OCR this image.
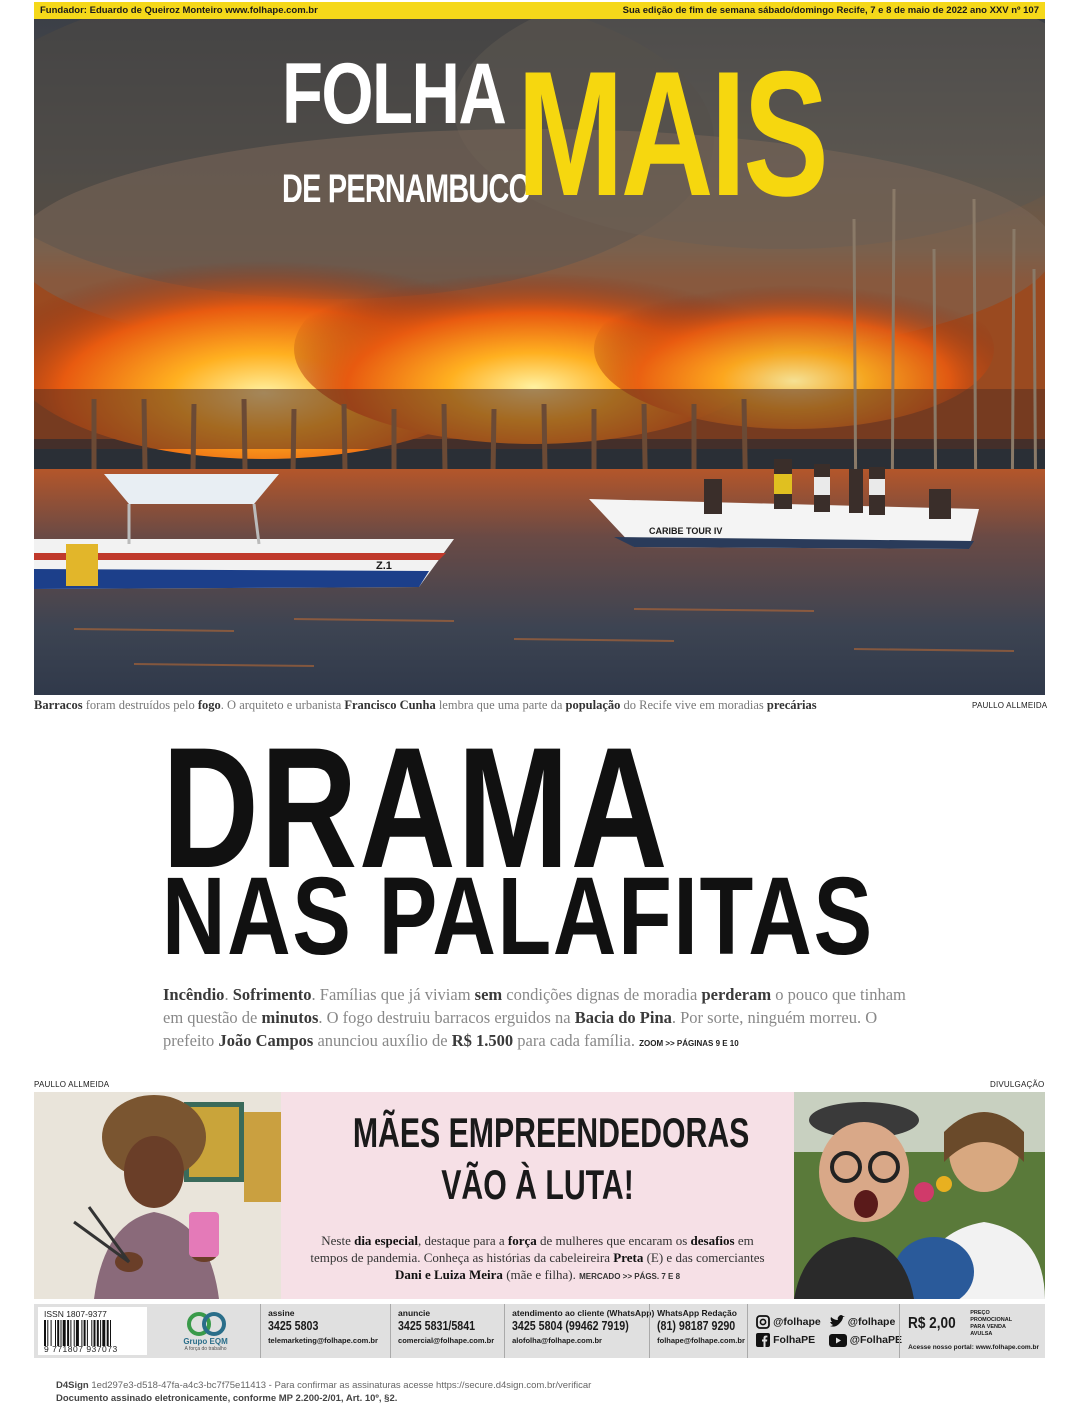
Fundador: Eduardo de Queiroz Monteiro www.folhape.com.br	Sua edição de fim de semana sábado/domingo Recife, 7 e 8 de maio de 2022 ano XXV nº 107
Z.1
CARIBE TOUR IV
FOLHA
DE PERNAMBUCO
MAIS
Barracos foram destruídos pelo fogo. O arquiteto e urbanista Francisco Cunha lembra que uma parte da população do Recife vive em moradias precárias	PAULLO ALLMEIDA
DRAMA
NAS PALAFITAS
Incêndio. Sofrimento. Famílias que já viviam sem condições dignas de moradia perderam o pouco que tinham em questão de minutos. O fogo destruiu barracos erguidos na Bacia do Pina. Por sorte, ninguém morreu. O prefeito João Campos anunciou auxílio de R$ 1.500 para cada família. ZOOM >> PÁGINAS 9 E 10
PAULLO ALLMEIDA	DIVULGAÇÃO
MÃES EMPREENDEDORAS
VÃO À LUTA!
Neste dia especial, destaque para a força de mulheres que encaram os desafios em tempos de pandemia. Conheça as histórias da cabeleireira Preta (E) e das comerciantes Dani e Luiza Meira (mãe e filha). MERCADO >> PÁGS. 7 E 8
ISSN 1807-9377
9 771807 937073
Grupo EQM
A força do trabalho
assine
3425 5803
telemarketing@folhape.com.br
anuncie
3425 5831/5841
comercial@folhape.com.br
atendimento ao cliente (WhatsApp)
3425 5804 (99462 7919)
alofolha@folhape.com.br
WhatsApp Redação
(81) 98187 9290
folhape@folhape.com.br
@folhape	@folhape
FolhaPE	@FolhaPE
R$ 2,00
PREÇO PROMOCIONAL PARA VENDA AVULSA
Acesse nosso portal: www.folhape.com.br
D4Sign 1ed297e3-d518-47fa-a4c3-bc7f75e11413 - Para confirmar as assinaturas acesse https://secure.d4sign.com.br/verificar
Documento assinado eletronicamente, conforme MP 2.200-2/01, Art. 10º, §2.
